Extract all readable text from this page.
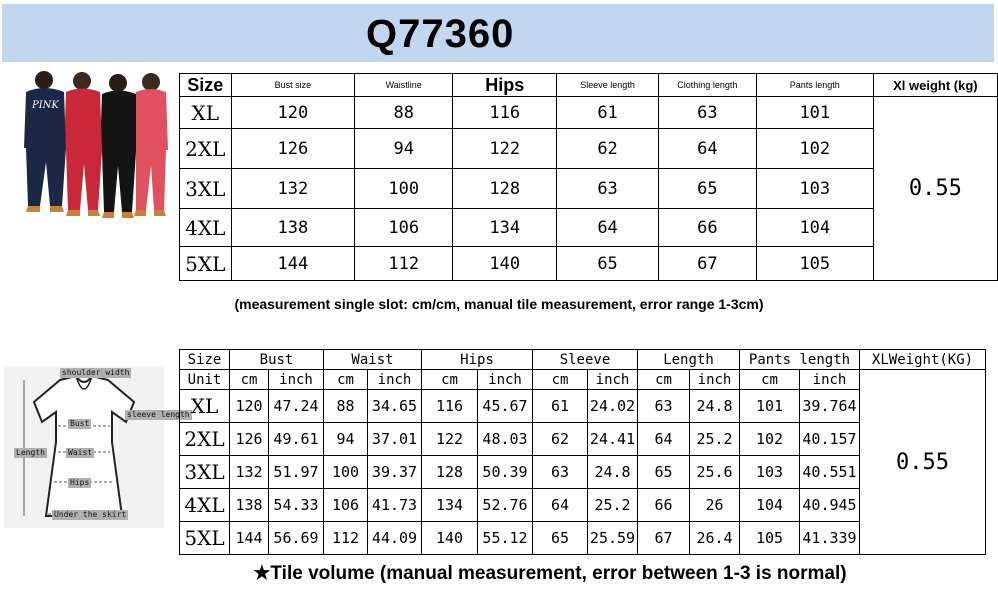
Q77360
PINK
Size	Bust size	Waistline	Hips	Sleeve length	Clothing length	Pants length	Xl weight (kg)
XL	120	88	116	61	63	101	0.55
2XL	126	94	122	62	64	102	
3XL	132	100	128	63	65	103	
4XL	138	106	134	64	66	104	
5XL	144	112	140	65	67	105	
(measurement single slot: cm/cm, manual tile measurement, error range 1-3cm)
shoulder width
sleeve length
Bust
Length	Waist
Hips
Under the skirt
Size	Bust		Waist		Hips		Sleeve		Length		Pants length		XLWeight(KG)
Unit	cm	inch	cm	inch	cm	inch	cm	inch	cm	inch	cm	inch	0.55
XL	120	47.24	88	34.65	116	45.67	61	24.02	63	24.8	101	39.764	
2XL	126	49.61	94	37.01	122	48.03	62	24.41	64	25.2	102	40.157	
3XL	132	51.97	100	39.37	128	50.39	63	24.8	65	25.6	103	40.551	
4XL	138	54.33	106	41.73	134	52.76	64	25.2	66	26	104	40.945	
5XL	144	56.69	112	44.09	140	55.12	65	25.59	67	26.4	105	41.339	
★Tile volume (manual measurement, error between 1-3 is normal)
